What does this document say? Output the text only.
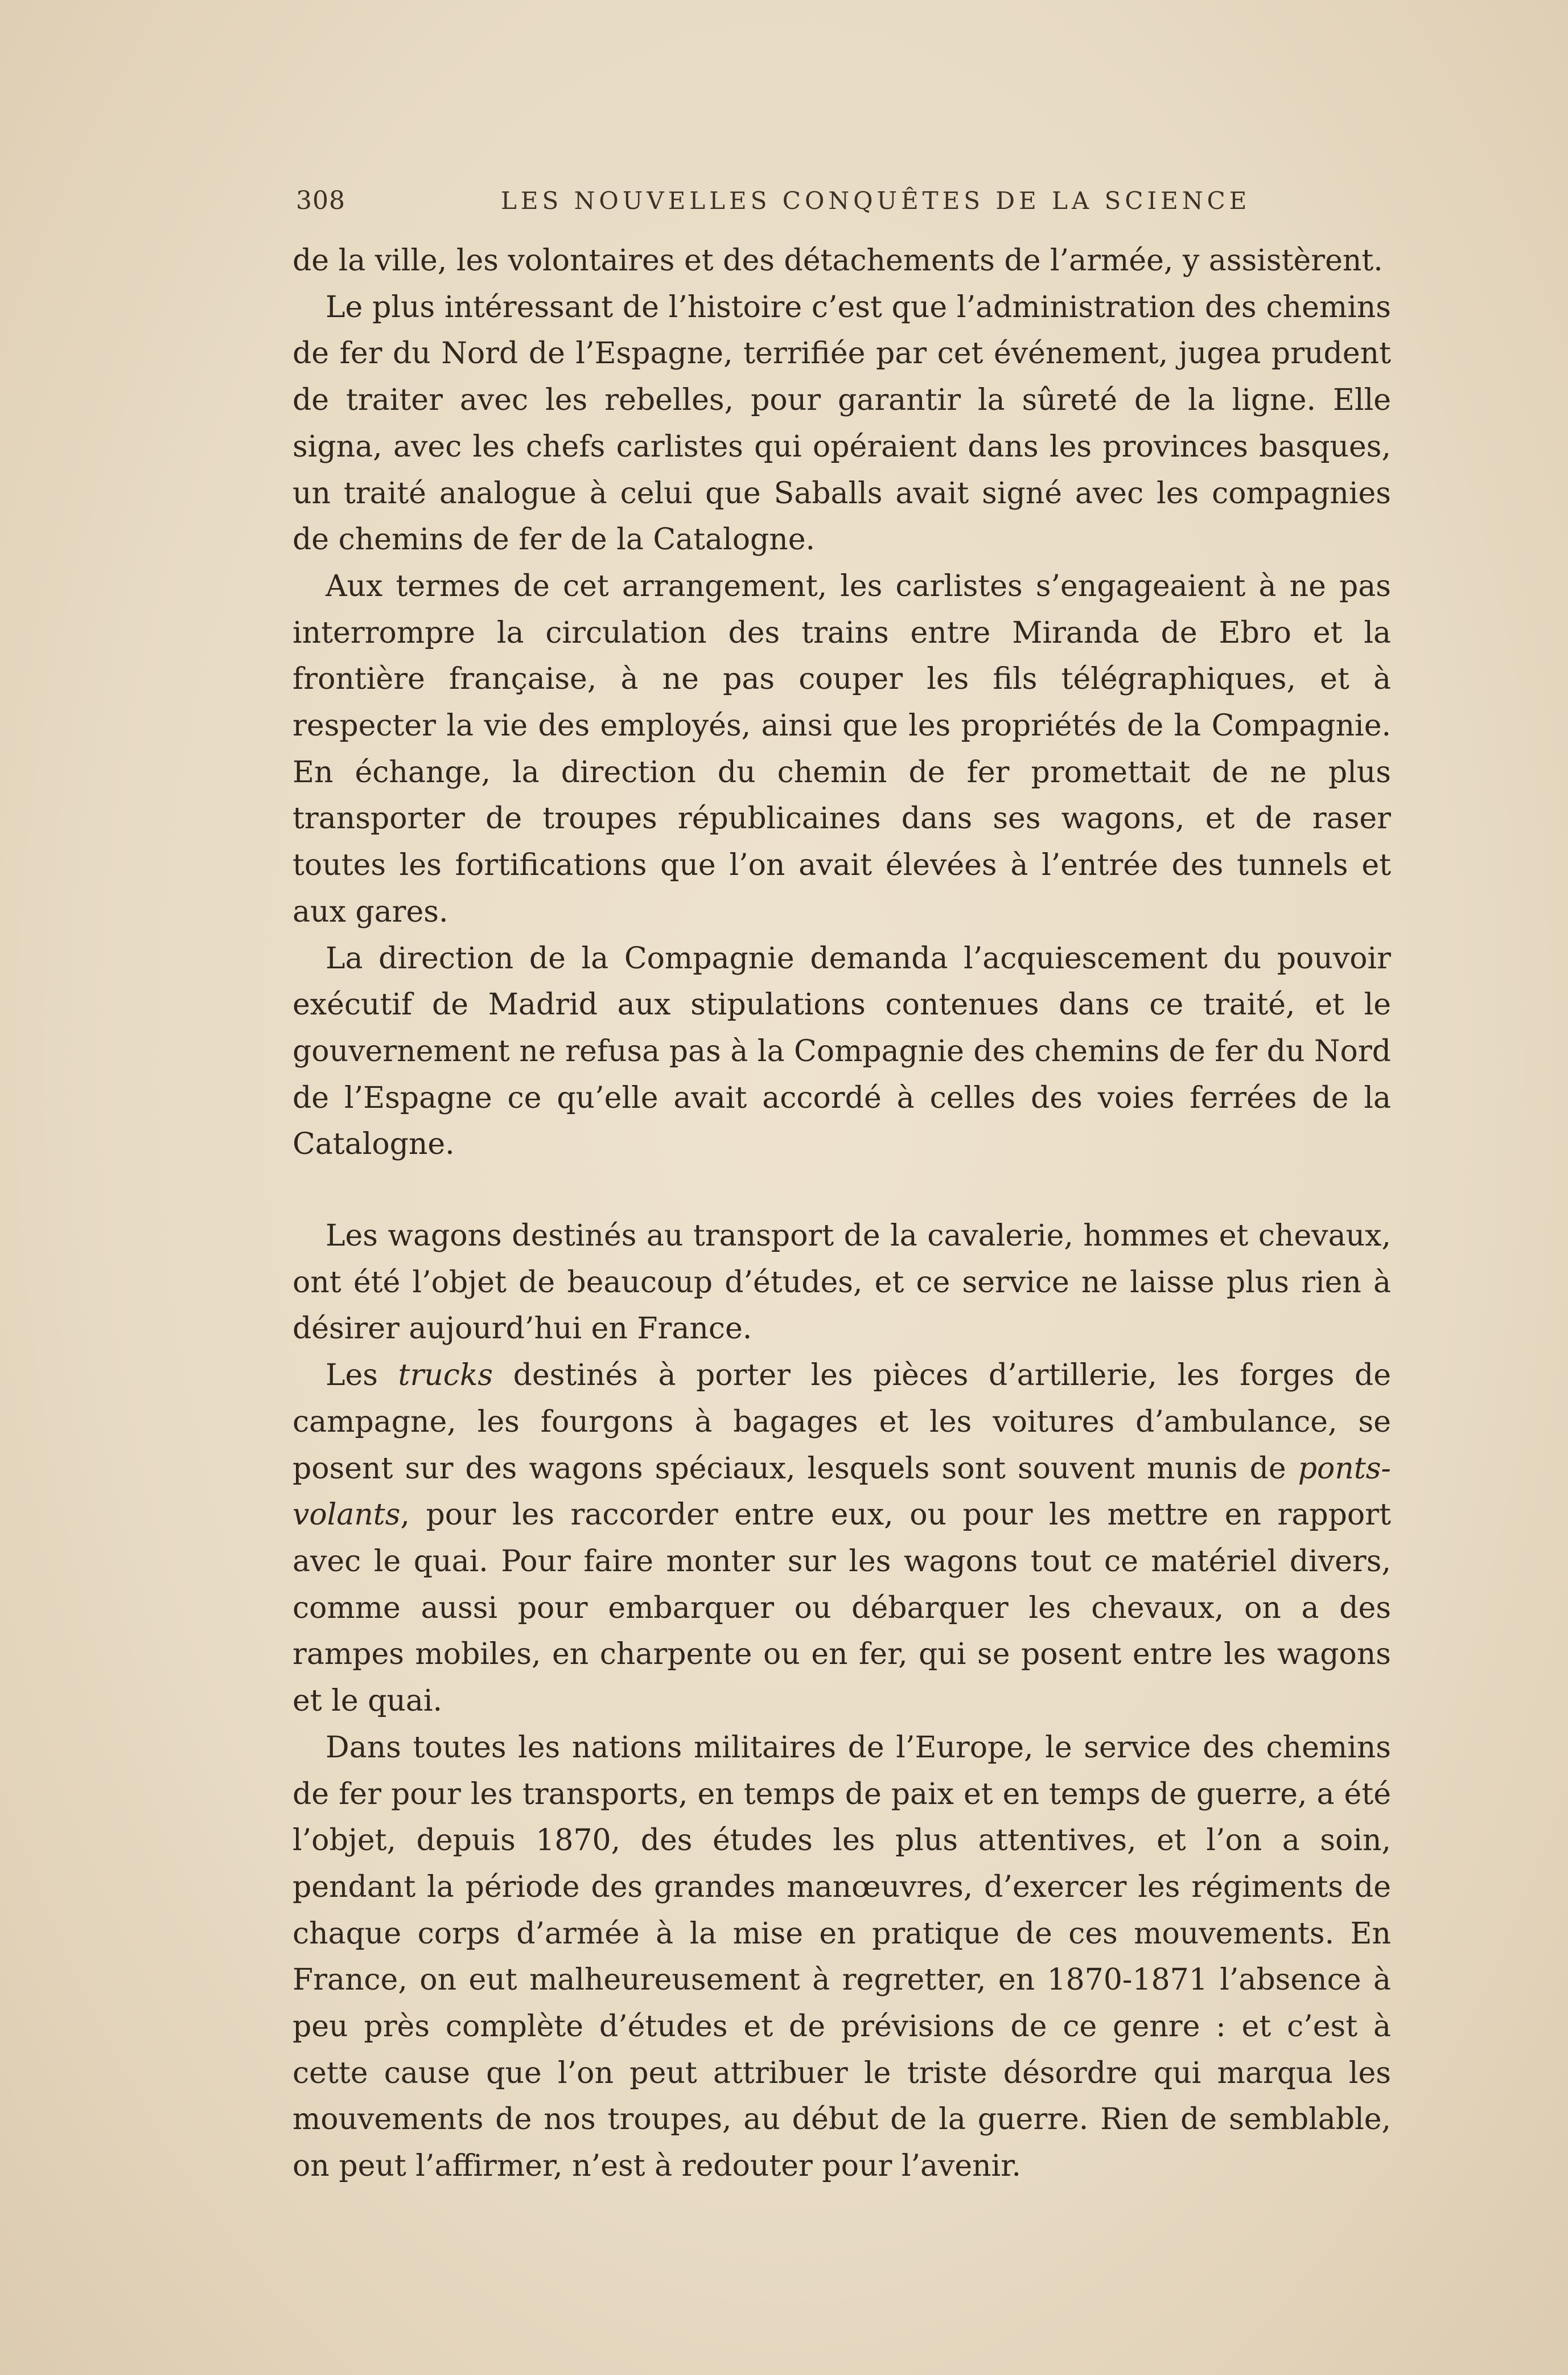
308	LES NOUVELLES CONQUÊTES DE LA SCIENCE

de la ville, les volontaires et des détachements de l’armée, y assistèrent.

Le plus intéressant de l’histoire c’est que l’administration des chemins de fer du Nord de l’Espagne, terrifiée par cet événement, jugea prudent de traiter avec les rebelles, pour garantir la sûreté de la ligne. Elle signa, avec les chefs carlistes qui opéraient dans les provinces basques, un traité analogue à celui que Saballs avait signé avec les compagnies de chemins de fer de la Catalogne.

Aux termes de cet arrangement, les carlistes s’engageaient à ne pas interrompre la circulation des trains entre Miranda de Ebro et la frontière française, à ne pas couper les fils télégraphiques, et à respecter la vie des employés, ainsi que les propriétés de la Compagnie. En échange, la direction du chemin de fer promettait de ne plus transporter de troupes républicaines dans ses wagons, et de raser toutes les fortifications que l’on avait élevées à l’entrée des tunnels et aux gares.

La direction de la Compagnie demanda l’acquiescement du pouvoir exécutif de Madrid aux stipulations contenues dans ce traité, et le gouvernement ne refusa pas à la Compagnie des chemins de fer du Nord de l’Espagne ce qu’elle avait accordé à celles des voies ferrées de la Catalogne.

Les wagons destinés au transport de la cavalerie, hommes et chevaux, ont été l’objet de beaucoup d’études, et ce service ne laisse plus rien à désirer aujourd’hui en France.

Les trucks destinés à porter les pièces d’artillerie, les forges de campagne, les fourgons à bagages et les voitures d’ambulance, se posent sur des wagons spéciaux, lesquels sont souvent munis de ponts-volants, pour les raccorder entre eux, ou pour les mettre en rapport avec le quai. Pour faire monter sur les wagons tout ce matériel divers, comme aussi pour embarquer ou débarquer les chevaux, on a des rampes mobiles, en charpente ou en fer, qui se posent entre les wagons et le quai.

Dans toutes les nations militaires de l’Europe, le service des chemins de fer pour les transports, en temps de paix et en temps de guerre, a été l’objet, depuis 1870, des études les plus attentives, et l’on a soin, pendant la période des grandes manœuvres, d’exercer les régiments de chaque corps d’armée à la mise en pratique de ces mouvements. En France, on eut malheureusement à regretter, en 1870-1871 l’absence à peu près complète d’études et de prévisions de ce genre : et c’est à cette cause que l’on peut attribuer le triste désordre qui marqua les mouvements de nos troupes, au début de la guerre. Rien de semblable, on peut l’affirmer, n’est à redouter pour l’avenir.
